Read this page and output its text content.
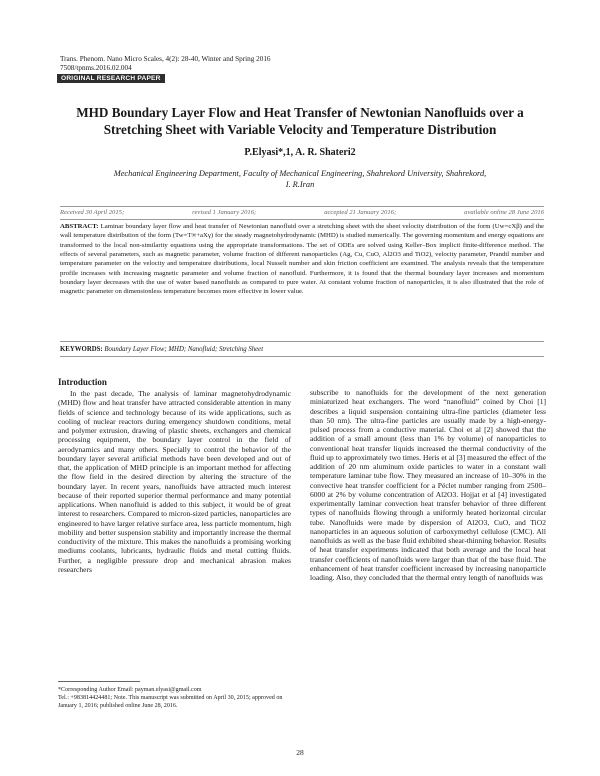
Trans. Phenom. Nano Micro Scales, 4(2): 28-40, Winter and Spring 2016
7508/tpnms.2016.02.004
ORIGINAL RESEARCH PAPER
MHD Boundary Layer Flow and Heat Transfer of Newtonian Nanofluids over a
Stretching Sheet with Variable Velocity and Temperature Distribution
P.Elyasi*,1, A. R. Shateri2
Mechanical Engineering Department, Faculty of Mechanical Engineering, Shahrekord University, Shahrekord,
I. R.Iran
Received 30 April 2015;	revised 1 January 2016;	accepted 21 January 2016;	available online 28 June 2016
ABSTRACT: Laminar boundary layer flow and heat transfer of Newtonian nanofluid over a stretching sheet with the sheet velocity distribution of the form (Uw=cXβ) and the wall temperature distribution of the form (Tw=T∞+aXγ) for the steady magnetohydrodynamic (MHD) is studied numerically. The governing momentum and energy equations are transformed to the local non-similarity equations using the appropriate transformations. The set of ODEs are solved using Keller–Box implicit finite-difference method. The effects of several parameters, such as magnetic parameter, volume fraction of different nanoparticles (Ag, Cu, CuO, Al2O3 and TiO2), velocity parameter, Prandtl number and temperature parameter on the velocity and temperature distributions, local Nusselt number and skin friction coefficient are examined. The analysis reveals that the temperature profile increases with increasing magnetic parameter and volume fraction of nanofluid. Furthermore, it is found that the thermal boundary layer increases and momentum boundary layer decreases with the use of water based nanofluids as compared to pure water. At constant volume fraction of nanoparticles, it is also illustrated that the role of magnetic parameter on dimensionless temperature becomes more effective in lower value.
KEYWORDS: Boundary Layer Flow; MHD; Nanofluid; Stretching Sheet
Introduction
In the past decade, The analysis of laminar magnetohydrodynamic (MHD) flow and heat transfer have attracted considerable attention in many fields of science and technology because of its wide applications, such as cooling of nuclear reactors during emergency shutdown conditions, metal and polymer extrusion, drawing of plastic sheets, exchangers and chemical processing equipment, the boundary layer control in the field of aerodynamics and many others. Specially to control the behavior of the boundary layer several artificial methods have been developed and out of that, the application of MHD principle is an important method for affecting the flow field in the desired direction by altering the structure of the boundary layer. In recent years, nanofluids have attracted much interest because of their reported superior thermal performance and many potential applications. When nanofluid is added to this subject, it would be of great interest to researchers. Compared to micron-sized particles, nanoparticles are engineered to have larger relative surface area, less particle momentum, high mobility and better suspension stability and importantly increase the thermal conductivity of the mixture. This makes the nanofluids a promising working mediums coolants, lubricants, hydraulic fluids and metal cutting fluids. Further, a negligible pressure drop and mechanical abrasion makes researchers
subscribe to nanofluids for the development of the next generation miniaturized heat exchangers. The word “nanofluid” coined by Choi [1] describes a liquid suspension containing ultra-fine particles (diameter less than 50 nm). The ultra-fine particles are usually made by a high-energy-pulsed process from a conductive material. Choi et al [2] showed that the addition of a small amount (less than 1% by volume) of nanoparticles to conventional heat transfer liquids increased the thermal conductivity of the fluid up to approximately two times. Heris et al [3] measured the effect of the addition of 20 nm aluminum oxide particles to water in a constant wall temperature laminar tube flow. They measured an increase of 10–30% in the convective heat transfer coefficient for a Péclet number ranging from 2500–6000 at 2% by volume concentration of Al2O3. Hojjat et al [4] investigated experimentally laminar convection heat transfer behavior of three different types of nanofluids flowing through a uniformly heated horizontal circular tube. Nanofluids were made by dispersion of Al2O3, CuO, and TiO2 nanoparticles in an aqueous solution of carboxymethyl cellulose (CMC). All nanofluids as well as the base fluid exhibited shear-thinning behavior. Results of heat transfer experiments indicated that both average and the local heat transfer coefficients of nanofluids were larger than that of the base fluid. The enhancement of heat transfer coefficient increased by increasing nanoparticle loading. Also, they concluded that the thermal entry length of nanofluids was
*Corresponding Author Email: payman.elyasi@gmail.com
Tel.: +983814424481; Note. This manuscript was submitted on April 30, 2015; approved on January 1, 2016; published online June 28, 2016.
28
